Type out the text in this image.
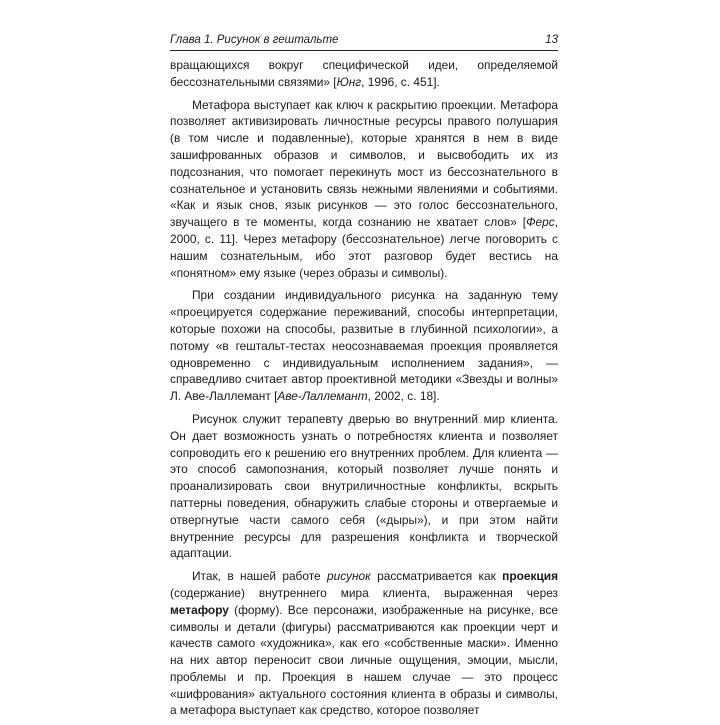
Глава 1. Рисунок в гештальте	13

вращающихся вокруг специфической идеи, определяемой бессознательными связями» [Юнг, 1996, с. 451].

Метафора выступает как ключ к раскрытию проекции. Метафора позволяет активизировать личностные ресурсы правого полушария (в том числе и подавленные), которые хранятся в нем в виде зашифрованных образов и символов, и высвободить их из подсознания, что помогает перекинуть мост из бессознательного в сознательное и установить связь нежными явлениями и событиями. «Как и язык снов, язык рисунков — это голос бессознательного, звучащего в те моменты, когда сознанию не хватает слов» [Ферс, 2000, с. 11]. Через метафору (бессознательное) легче поговорить с нашим сознательным, ибо этот разговор будет вестись на «понятном» ему языке (через образы и символы).

При создании индивидуального рисунка на заданную тему «проецируется содержание переживаний, способы интерпретации, которые похожи на способы, развитые в глубинной психологии», а потому «в гештальт-тестах неосознаваемая проекция проявляется одновременно с индивидуальным исполнением задания», — справедливо считает автор проективной методики «Звезды и волны» Л. Аве-Лаллемант [Аве-Лаллемант, 2002, с. 18].

Рисунок служит терапевту дверью во внутренний мир клиента. Он дает возможность узнать о потребностях клиента и позволяет сопроводить его к решению его внутренних проблем. Для клиента — это способ самопознания, который позволяет лучше понять и проанализировать свои внутриличностные конфликты, вскрыть паттерны поведения, обнаружить слабые стороны и отвергаемые и отвергнутые части самого себя («дыры»), и при этом найти внутренние ресурсы для разрешения конфликта и творческой адаптации.

Итак, в нашей работе рисунок рассматривается как проекция (содержание) внутреннего мира клиента, выраженная через метафору (форму). Все персонажи, изображенные на рисунке, все символы и детали (фигуры) рассматриваются как проекции черт и качеств самого «художника», как его «собственные маски». Именно на них автор переносит свои личные ощущения, эмоции, мысли, проблемы и пр. Проекция в нашем случае — это процесс «шифрования» актуального состояния клиента в образы и символы, а метафора выступает как средство, которое позволяет
